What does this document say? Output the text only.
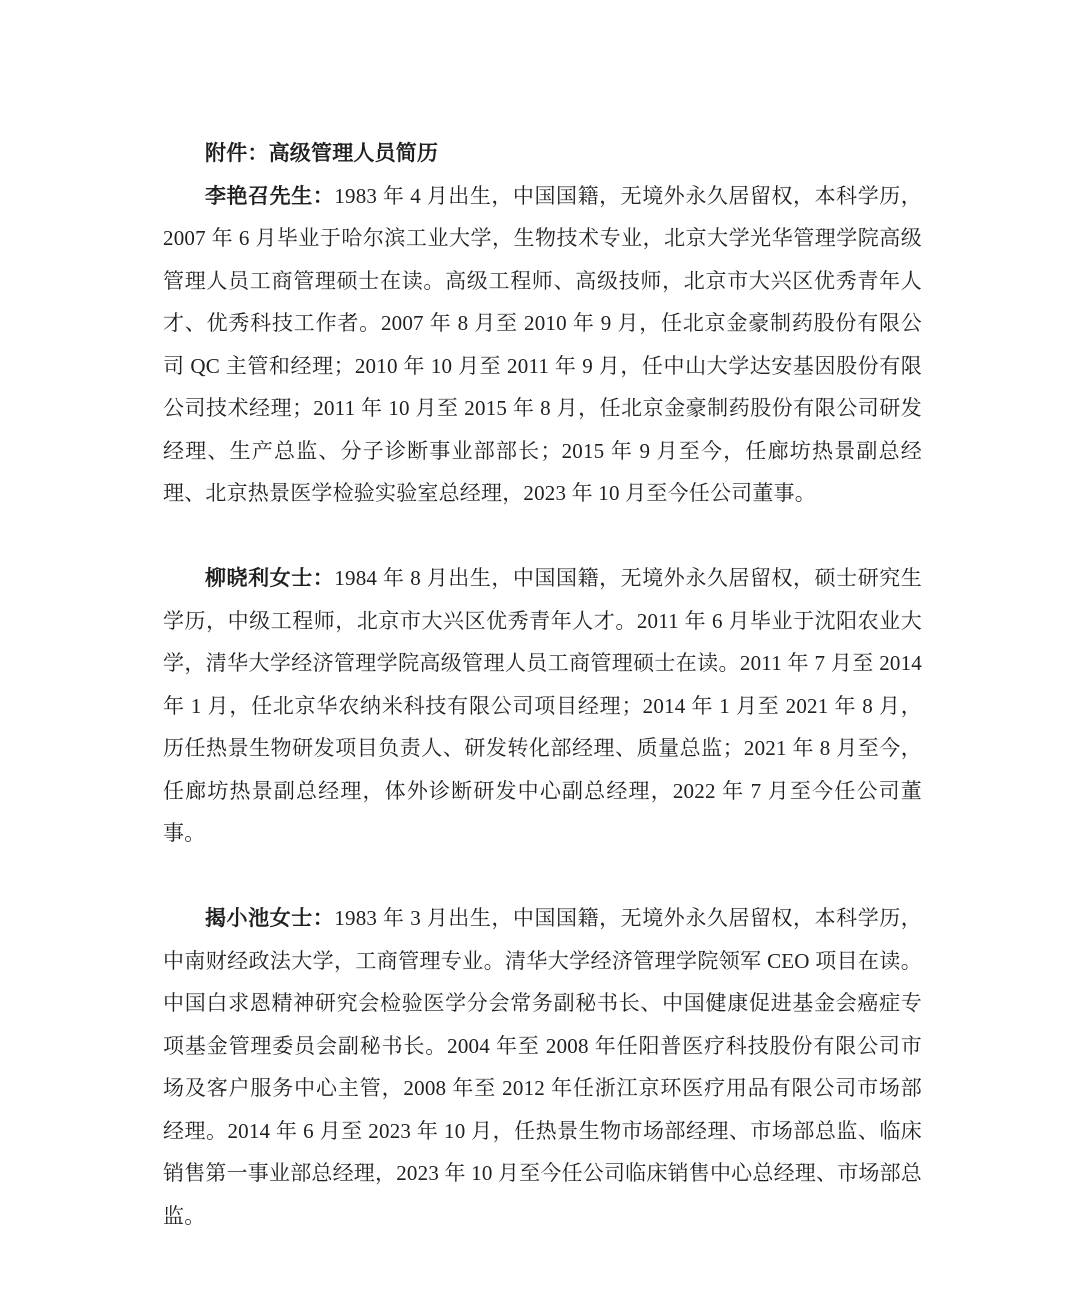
附件：高级管理人员简历

李艳召先生：1983 年 4 月出生，中国国籍，无境外永久居留权，本科学历，2007 年 6 月毕业于哈尔滨工业大学，生物技术专业，北京大学光华管理学院高级管理人员工商管理硕士在读。高级工程师、高级技师，北京市大兴区优秀青年人才、优秀科技工作者。2007 年 8 月至 2010 年 9 月，任北京金豪制药股份有限公司 QC 主管和经理；2010 年 10 月至 2011 年 9 月，任中山大学达安基因股份有限公司技术经理；2011 年 10 月至 2015 年 8 月，任北京金豪制药股份有限公司研发经理、生产总监、分子诊断事业部部长；2015 年 9 月至今，任廊坊热景副总经理、北京热景医学检验实验室总经理，2023 年 10 月至今任公司董事。

柳晓利女士：1984 年 8 月出生，中国国籍，无境外永久居留权，硕士研究生学历，中级工程师，北京市大兴区优秀青年人才。2011 年 6 月毕业于沈阳农业大学，清华大学经济管理学院高级管理人员工商管理硕士在读。2011 年 7 月至 2014 年 1 月，任北京华农纳米科技有限公司项目经理；2014 年 1 月至 2021 年 8 月，历任热景生物研发项目负责人、研发转化部经理、质量总监；2021 年 8 月至今，任廊坊热景副总经理，体外诊断研发中心副总经理，2022 年 7 月至今任公司董事。

揭小池女士：1983 年 3 月出生，中国国籍，无境外永久居留权，本科学历，中南财经政法大学，工商管理专业。清华大学经济管理学院领军 CEO 项目在读。中国白求恩精神研究会检验医学分会常务副秘书长、中国健康促进基金会癌症专项基金管理委员会副秘书长。2004 年至 2008 年任阳普医疗科技股份有限公司市场及客户服务中心主管，2008 年至 2012 年任浙江京环医疗用品有限公司市场部经理。2014 年 6 月至 2023 年 10 月，任热景生物市场部经理、市场部总监、临床销售第一事业部总经理，2023 年 10 月至今任公司临床销售中心总经理、市场部总监。
